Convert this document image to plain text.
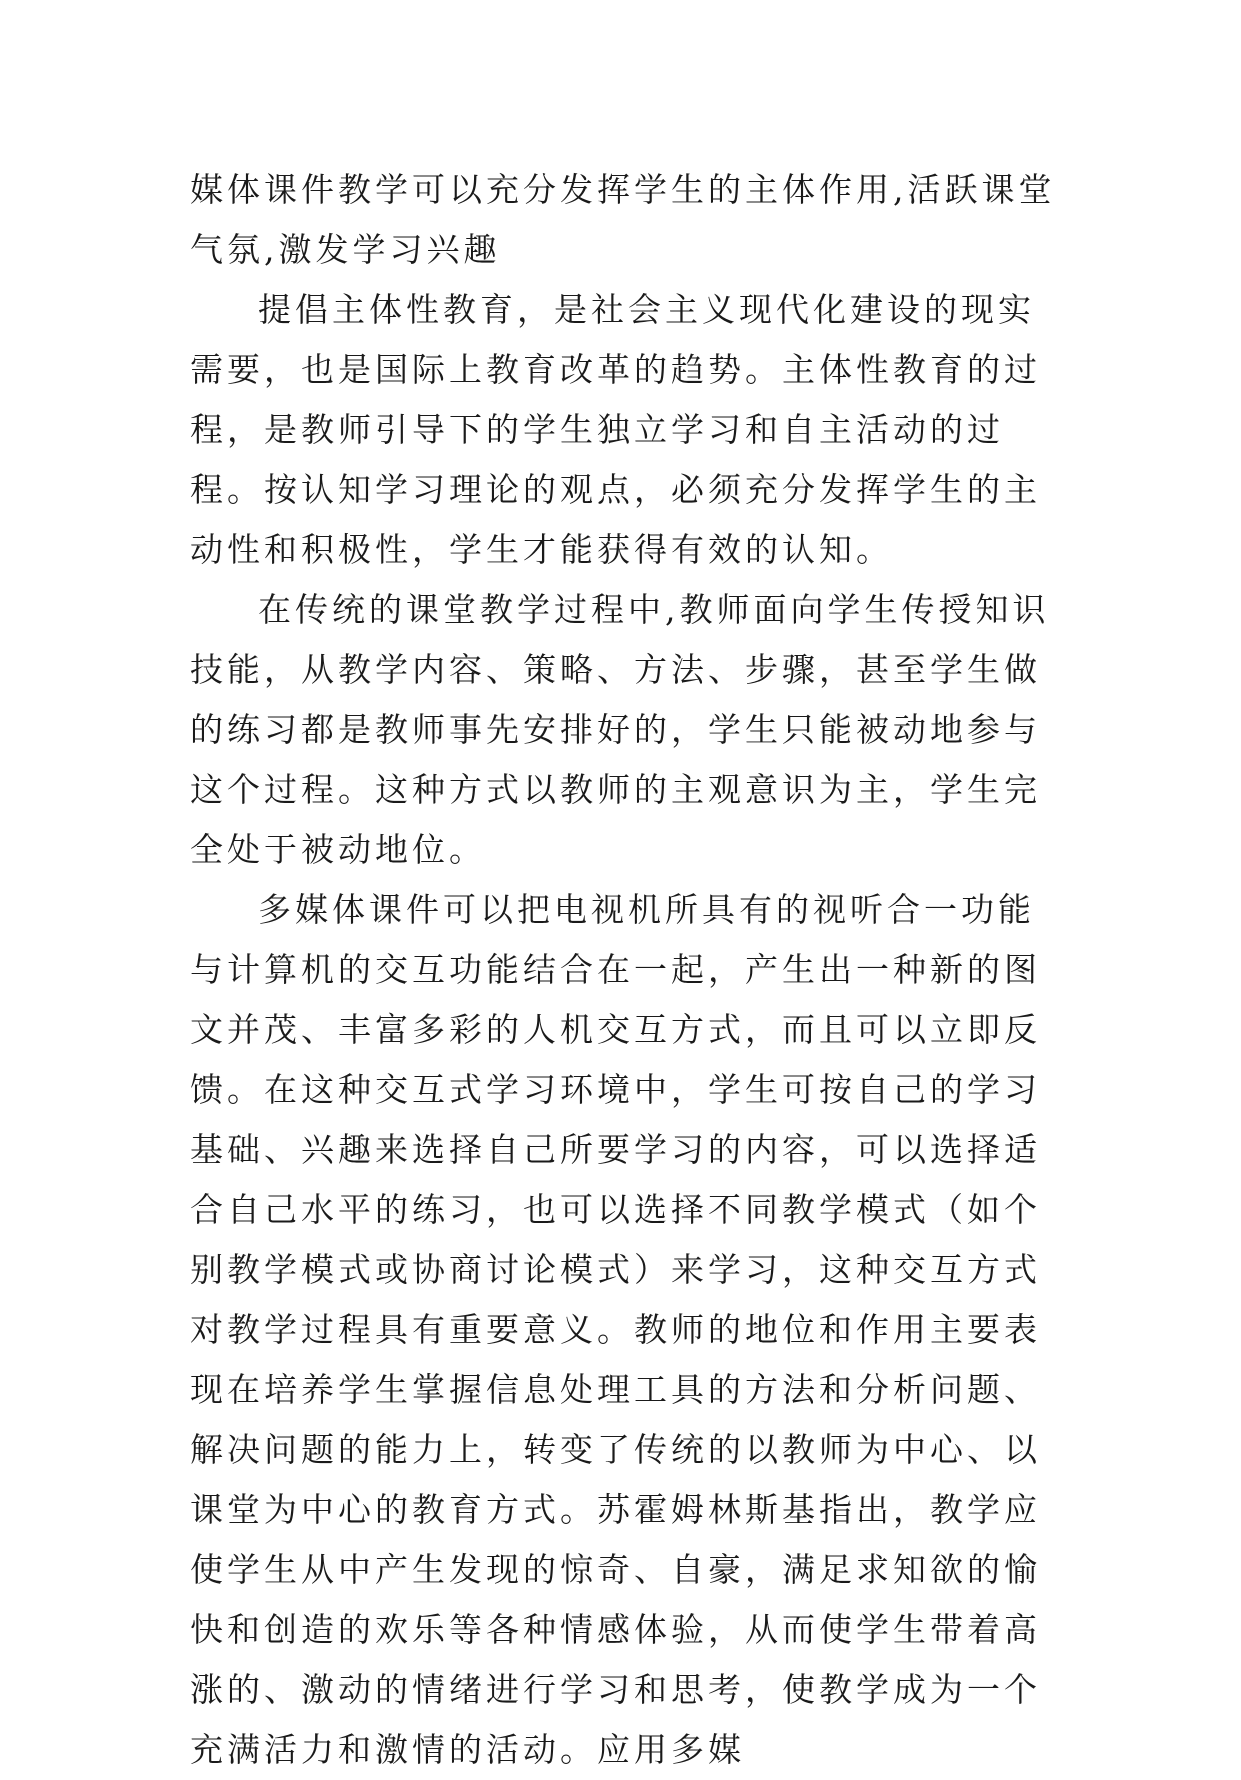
媒体课件教学可以充分发挥学生的主体作用,活跃课堂气氛,激发学习兴趣

提倡主体性教育，是社会主义现代化建设的现实需要，也是国际上教育改革的趋势。主体性教育的过程，是教师引导下的学生独立学习和自主活动的过程。按认知学习理论的观点，必须充分发挥学生的主动性和积极性，学生才能获得有效的认知。

在传统的课堂教学过程中,教师面向学生传授知识技能，从教学内容、策略、方法、步骤，甚至学生做的练习都是教师事先安排好的，学生只能被动地参与这个过程。这种方式以教师的主观意识为主，学生完全处于被动地位。

多媒体课件可以把电视机所具有的视听合一功能与计算机的交互功能结合在一起，产生出一种新的图文并茂、丰富多彩的人机交互方式，而且可以立即反馈。在这种交互式学习环境中，学生可按自己的学习基础、兴趣来选择自己所要学习的内容，可以选择适合自己水平的练习，也可以选择不同教学模式（如个别教学模式或协商讨论模式）来学习，这种交互方式对教学过程具有重要意义。教师的地位和作用主要表现在培养学生掌握信息处理工具的方法和分析问题、解决问题的能力上，转变了传统的以教师为中心、以课堂为中心的教育方式。苏霍姆林斯基指出，教学应使学生从中产生发现的惊奇、自豪，满足求知欲的愉快和创造的欢乐等各种情感体验，从而使学生带着高涨的、激动的情绪进行学习和思考，使教学成为一个充满活力和激情的活动。应用多媒
